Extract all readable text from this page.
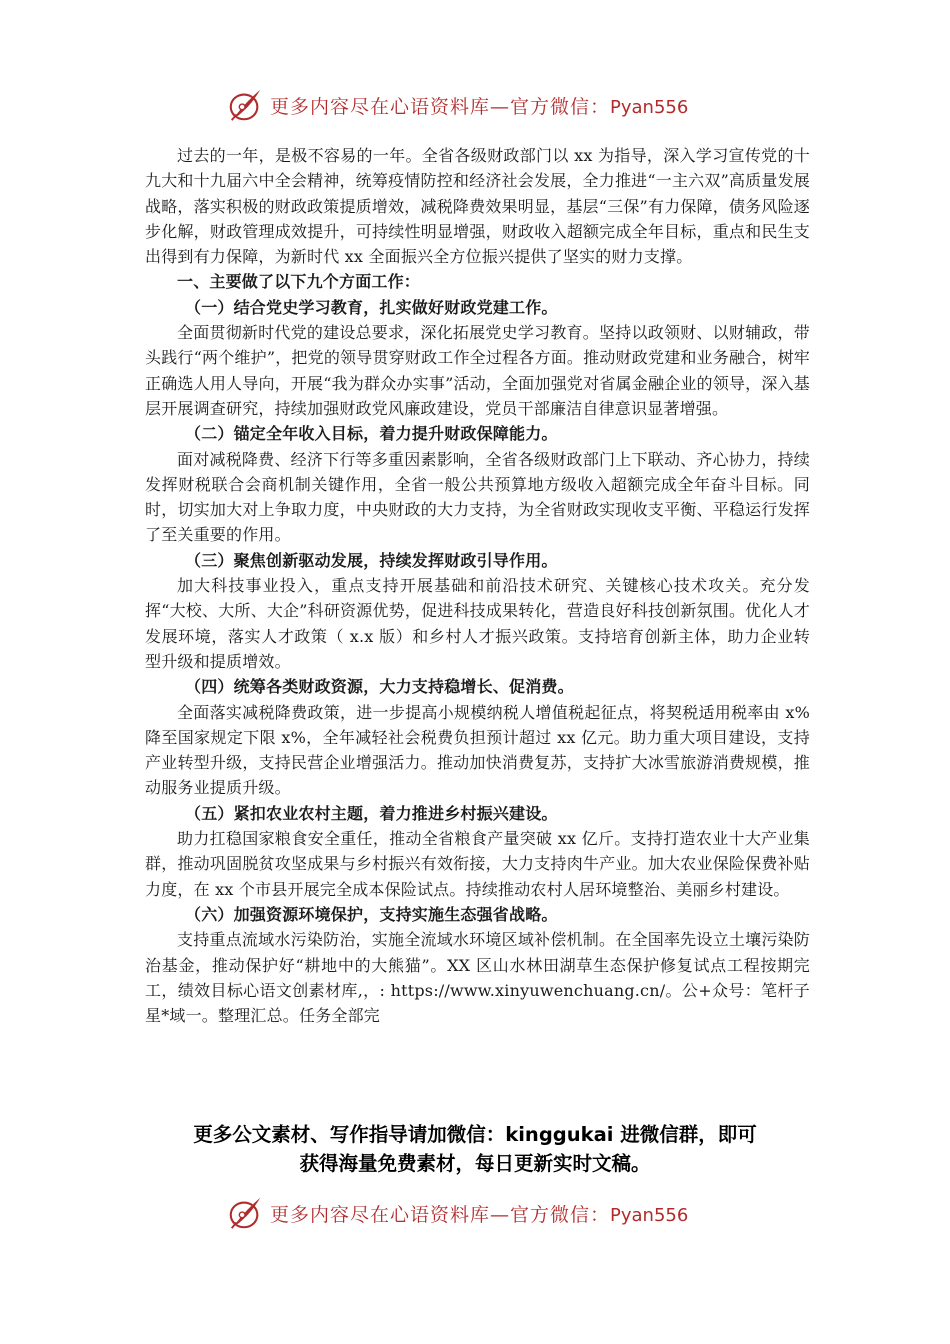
更多内容尽在心语资料库—官方微信：Pyan556

过去的一年，是极不容易的一年。全省各级财政部门以 xx 为指导，深入学习宣传党的十九大和十九届六中全会精神，统筹疫情防控和经济社会发展，全力推进“一主六双”高质量发展战略，落实积极的财政政策提质增效，减税降费效果明显，基层“三保”有力保障，债务风险逐步化解，财政管理成效提升，可持续性明显增强，财政收入超额完成全年目标，重点和民生支出得到有力保障，为新时代 xx 全面振兴全方位振兴提供了坚实的财力支撑。

一、主要做了以下九个方面工作：

（一）结合党史学习教育，扎实做好财政党建工作。

全面贯彻新时代党的建设总要求，深化拓展党史学习教育。坚持以政领财、以财辅政，带头践行“两个维护”，把党的领导贯穿财政工作全过程各方面。推动财政党建和业务融合，树牢正确选人用人导向，开展“我为群众办实事”活动，全面加强党对省属金融企业的领导，深入基层开展调查研究，持续加强财政党风廉政建设，党员干部廉洁自律意识显著增强。

（二）锚定全年收入目标，着力提升财政保障能力。

面对减税降费、经济下行等多重因素影响，全省各级财政部门上下联动、齐心协力，持续发挥财税联合会商机制关键作用，全省一般公共预算地方级收入超额完成全年奋斗目标。同时，切实加大对上争取力度，中央财政的大力支持，为全省财政实现收支平衡、平稳运行发挥了至关重要的作用。

（三）聚焦创新驱动发展，持续发挥财政引导作用。

加大科技事业投入，重点支持开展基础和前沿技术研究、关键核心技术攻关。充分发挥“大校、大所、大企”科研资源优势，促进科技成果转化，营造良好科技创新氛围。优化人才发展环境，落实人才政策（ x.x 版）和乡村人才振兴政策。支持培育创新主体，助力企业转型升级和提质增效。

（四）统筹各类财政资源，大力支持稳增长、促消费。

全面落实减税降费政策，进一步提高小规模纳税人增值税起征点，将契税适用税率由 x%降至国家规定下限 x%，全年减轻社会税费负担预计超过 xx 亿元。助力重大项目建设，支持产业转型升级，支持民营企业增强活力。推动加快消费复苏，支持扩大冰雪旅游消费规模，推动服务业提质升级。

（五）紧扣农业农村主题，着力推进乡村振兴建设。

助力扛稳国家粮食安全重任，推动全省粮食产量突破 xx 亿斤。支持打造农业十大产业集群，推动巩固脱贫攻坚成果与乡村振兴有效衔接，大力支持肉牛产业。加大农业保险保费补贴力度，在 xx 个市县开展完全成本保险试点。持续推动农村人居环境整治、美丽乡村建设。

（六）加强资源环境保护，支持实施生态强省战略。

支持重点流域水污染防治，实施全流域水环境区域补偿机制。在全国率先设立土壤污染防治基金，推动保护好“耕地中的大熊猫”。XX 区山水林田湖草生态保护修复试点工程按期完工，绩效目标心语文创素材库,，: https://www.xinyuwenchuang.cn/。公+众号：笔杆子星*域一。整理汇总。任务全部完

更多公文素材、写作指导请加微信：kinggukai 进微信群，即可
获得海量免费素材，每日更新实时文稿。
更多内容尽在心语资料库—官方微信：Pyan556
